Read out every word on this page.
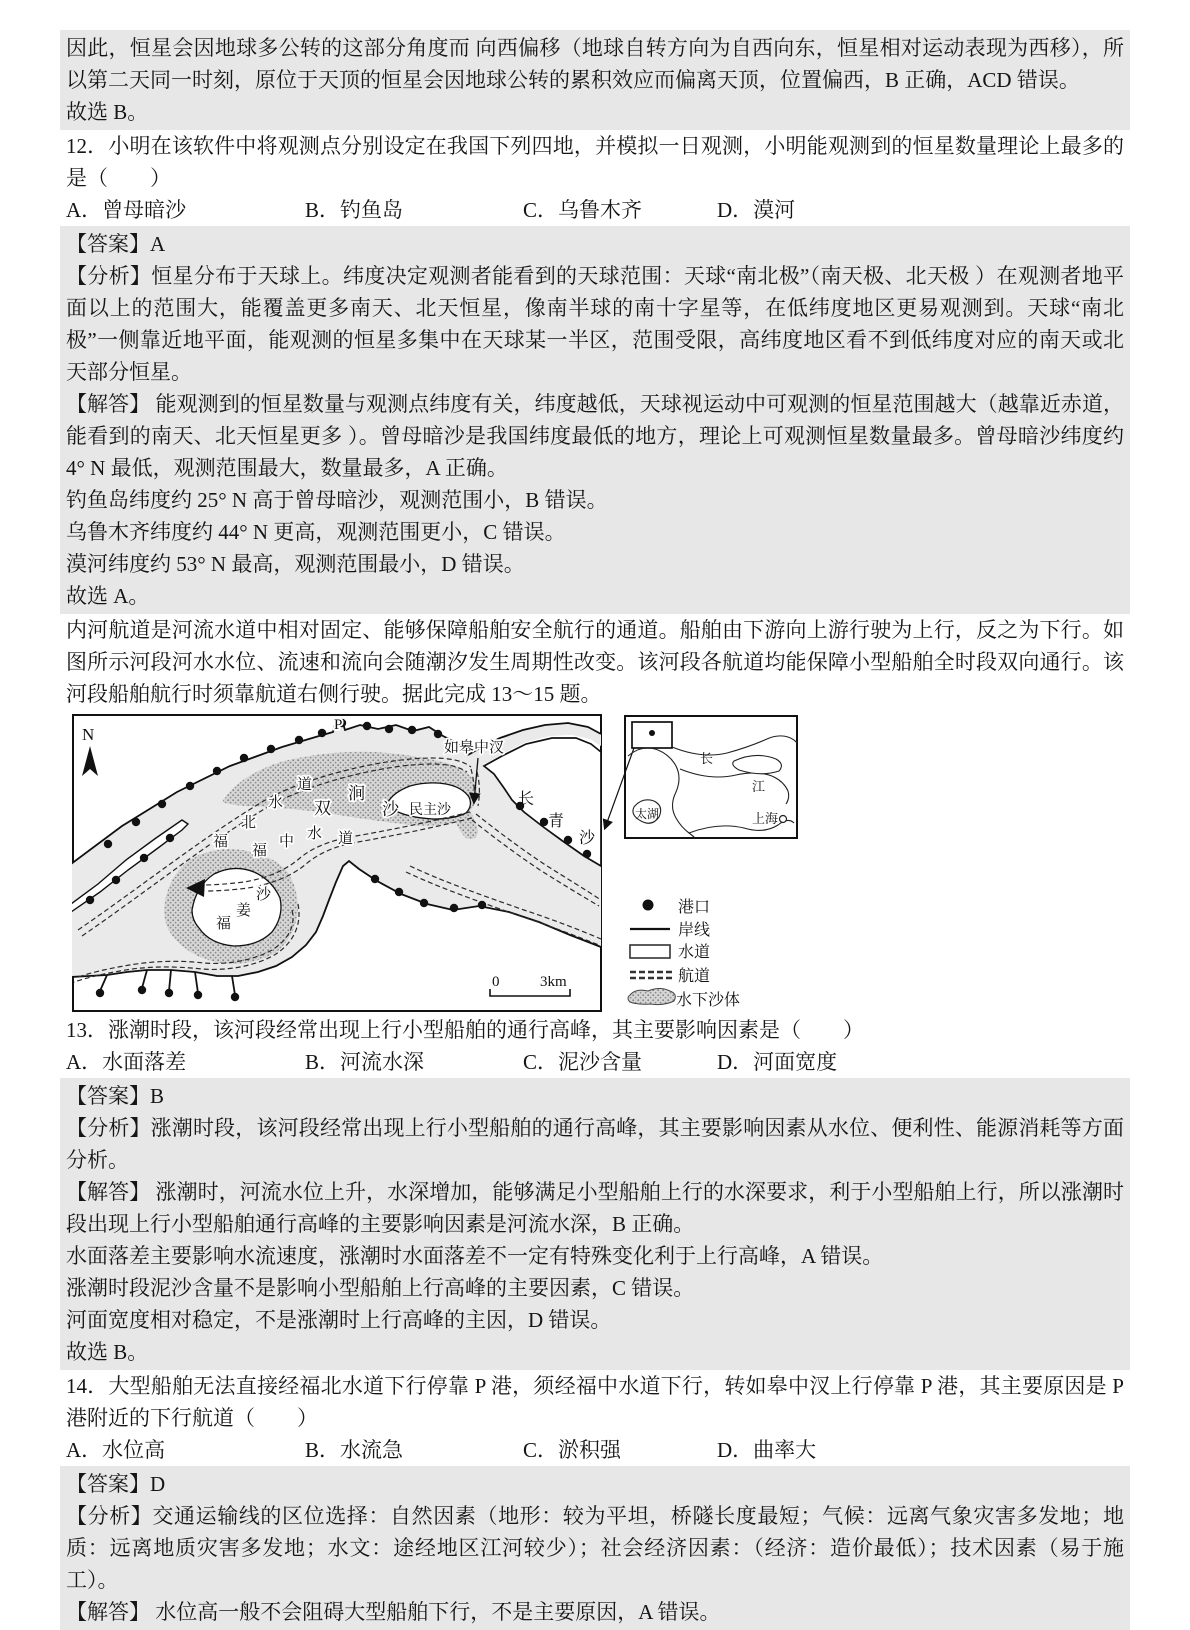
因此，恒星会因地球多公转的这部分角度而 向西偏移（地球自转方向为自西向东，恒星相对运动表现为西移），所以第二天同一时刻，原位于天顶的恒星会因地球公转的累积效应而偏离天顶，位置偏西，B 正确，ACD 错误。

故选 B。

12．小明在该软件中将观测点分别设定在我国下列四地，并模拟一日观测，小明能观测到的恒星数量理论上最多的是（　　）

A．曾母暗沙	B．钓鱼岛	C．乌鲁木齐	D．漠河

【答案】A

【分析】恒星分布于天球上。纬度决定观测者能看到的天球范围：天球“南北极”（南天极、北天极 ）在观测者地平面以上的范围大，能覆盖更多南天、北天恒星，像南半球的南十字星等，在低纬度地区更易观测到。天球“南北极”一侧靠近地平面，能观测的恒星多集中在天球某一半区，范围受限，高纬度地区看不到低纬度对应的南天或北天部分恒星。

【解答】 能观测到的恒星数量与观测点纬度有关，纬度越低，天球视运动中可观测的恒星范围越大（越靠近赤道，能看到的南天、北天恒星更多 ）。曾母暗沙是我国纬度最低的地方，理论上可观测恒星数量最多。曾母暗沙纬度约 4° N 最低，观测范围最大，数量最多，A 正确。

钓鱼岛纬度约 25° N 高于曾母暗沙，观测范围小，B 错误。

乌鲁木齐纬度约 44° N 更高，观测范围更小，C 错误。

漠河纬度约 53° N 最高，观测范围最小，D 错误。

故选 A。

内河航道是河流水道中相对固定、能够保障船舶安全航行的通道。船舶由下游向上游行驶为上行，反之为下行。如图所示河段河水水位、流速和流向会随潮汐发生周期性改变。该河段各航道均能保障小型船舶全时段双向通行。该河段船舶航行时须靠航道右侧行驶。据此完成 13～15 题。

N	P
如皋中汊
双
涧
沙 民主沙
长
青
沙
福
北
水
道
福
中 水 道
福
姜
沙
0	3km
长
江
太湖	上海
港口
岸线
水道
航道
水下沙体

13．涨潮时段，该河段经常出现上行小型船舶的通行高峰，其主要影响因素是（　　）

A．水面落差	B．河流水深	C．泥沙含量	D．河面宽度

【答案】B

【分析】涨潮时段，该河段经常出现上行小型船舶的通行高峰，其主要影响因素从水位、便利性、能源消耗等方面分析。

【解答】 涨潮时，河流水位上升，水深增加，能够满足小型船舶上行的水深要求，利于小型船舶上行，所以涨潮时段出现上行小型船舶通行高峰的主要影响因素是河流水深，B 正确。

水面落差主要影响水流速度，涨潮时水面落差不一定有特殊变化利于上行高峰，A 错误。

涨潮时段泥沙含量不是影响小型船舶上行高峰的主要因素，C 错误。

河面宽度相对稳定，不是涨潮时上行高峰的主因，D 错误。

故选 B。

14．大型船舶无法直接经福北水道下行停靠 P 港，须经福中水道下行，转如皋中汊上行停靠 P 港，其主要原因是 P 港附近的下行航道（　　）

A．水位高	B．水流急	C．淤积强	D．曲率大

【答案】D

【分析】交通运输线的区位选择：自然因素（地形：较为平坦，桥隧长度最短；气候：远离气象灾害多发地；地质：远离地质灾害多发地；水文：途经地区江河较少）；社会经济因素：（经济：造价最低）；技术因素（易于施工）。

【解答】 水位高一般不会阻碍大型船舶下行，不是主要原因，A 错误。
